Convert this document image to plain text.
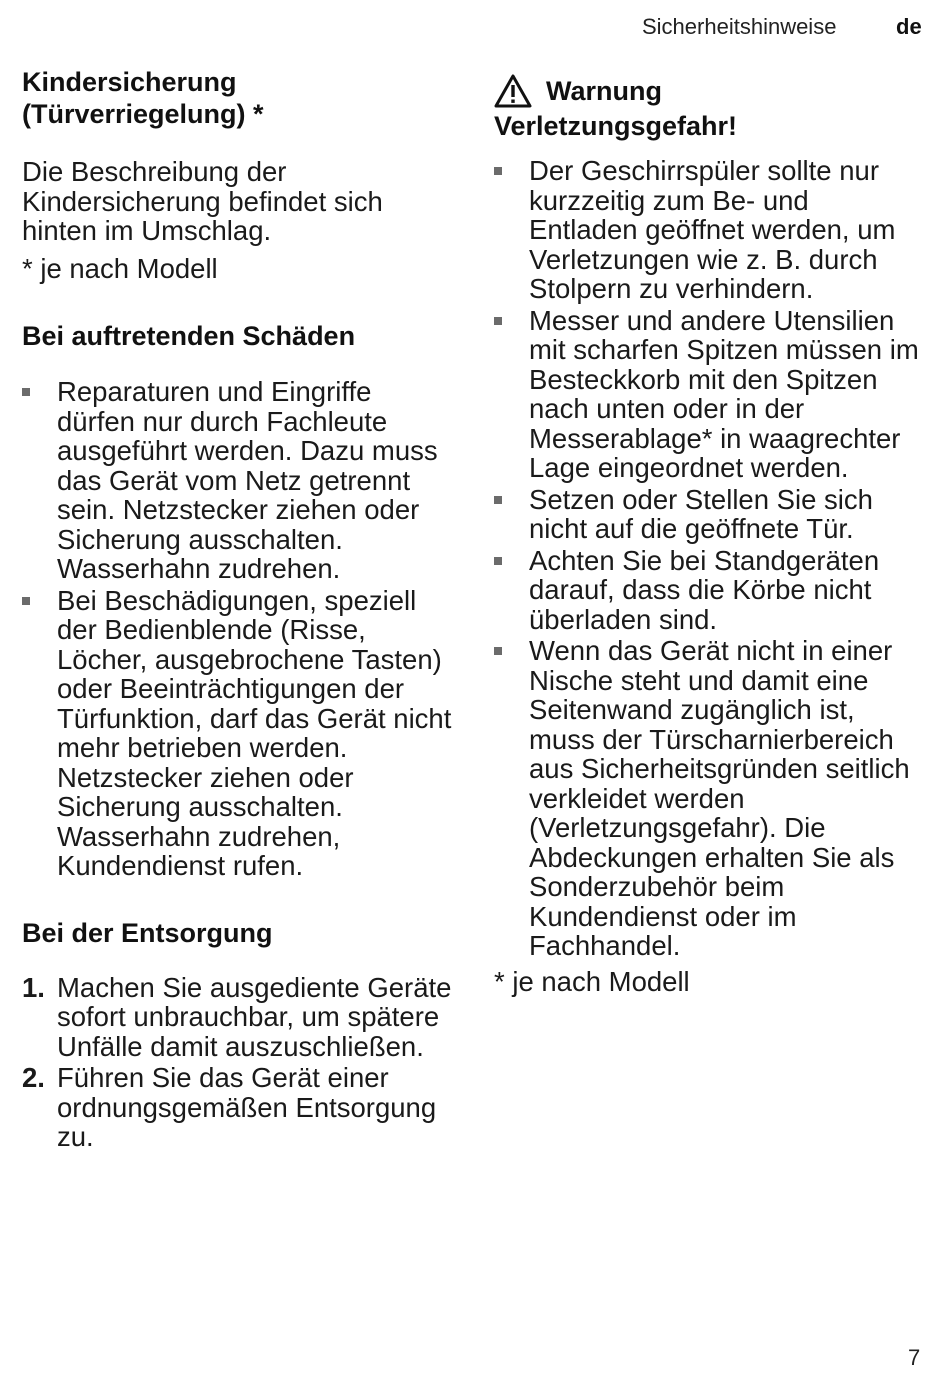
Sicherheitshinweise	de
Kindersicherung
(Türverriegelung) *

Die Beschreibung der Kindersicherung befindet sich hinten im Umschlag.

* je nach Modell

Bei auftretenden Schäden
Reparaturen und Eingriffe dürfen nur durch Fachleute ausgeführt werden. Dazu muss das Gerät vom Netz getrennt sein. Netzstecker ziehen oder Sicherung ausschalten. Wasserhahn zudrehen.
Bei Beschädigungen, speziell der Bedienblende (Risse, Löcher, ausgebrochene Tasten) oder Beeinträchtigungen der Türfunktion, darf das Gerät nicht mehr betrieben werden. Netzstecker ziehen oder Sicherung ausschalten. Wasserhahn zudrehen, Kundendienst rufen.
Bei der Entsorgung
1. Machen Sie ausgediente Geräte sofort unbrauchbar, um spätere Unfälle damit auszuschließen.
2. Führen Sie das Gerät einer ordnungsgemäßen Entsorgung zu.
Warnung
Verletzungsgefahr!
Der Geschirrspüler sollte nur kurzzeitig zum Be- und Entladen geöffnet werden, um Verletzungen wie z. B. durch Stolpern zu verhindern.
Messer und andere Utensilien mit scharfen Spitzen müssen im Besteckkorb mit den Spitzen nach unten oder in der Messerablage* in waagrechter Lage eingeordnet werden.
Setzen oder Stellen Sie sich nicht auf die geöffnete Tür.
Achten Sie bei Standgeräten darauf, dass die Körbe nicht überladen sind.
Wenn das Gerät nicht in einer Nische steht und damit eine Seitenwand zugänglich ist, muss der Türscharnierbereich aus Sicherheitsgründen seitlich verkleidet werden (Verletzungsgefahr). Die Abdeckungen erhalten Sie als Sonderzubehör beim Kundendienst oder im Fachhandel.

* je nach Modell

7
